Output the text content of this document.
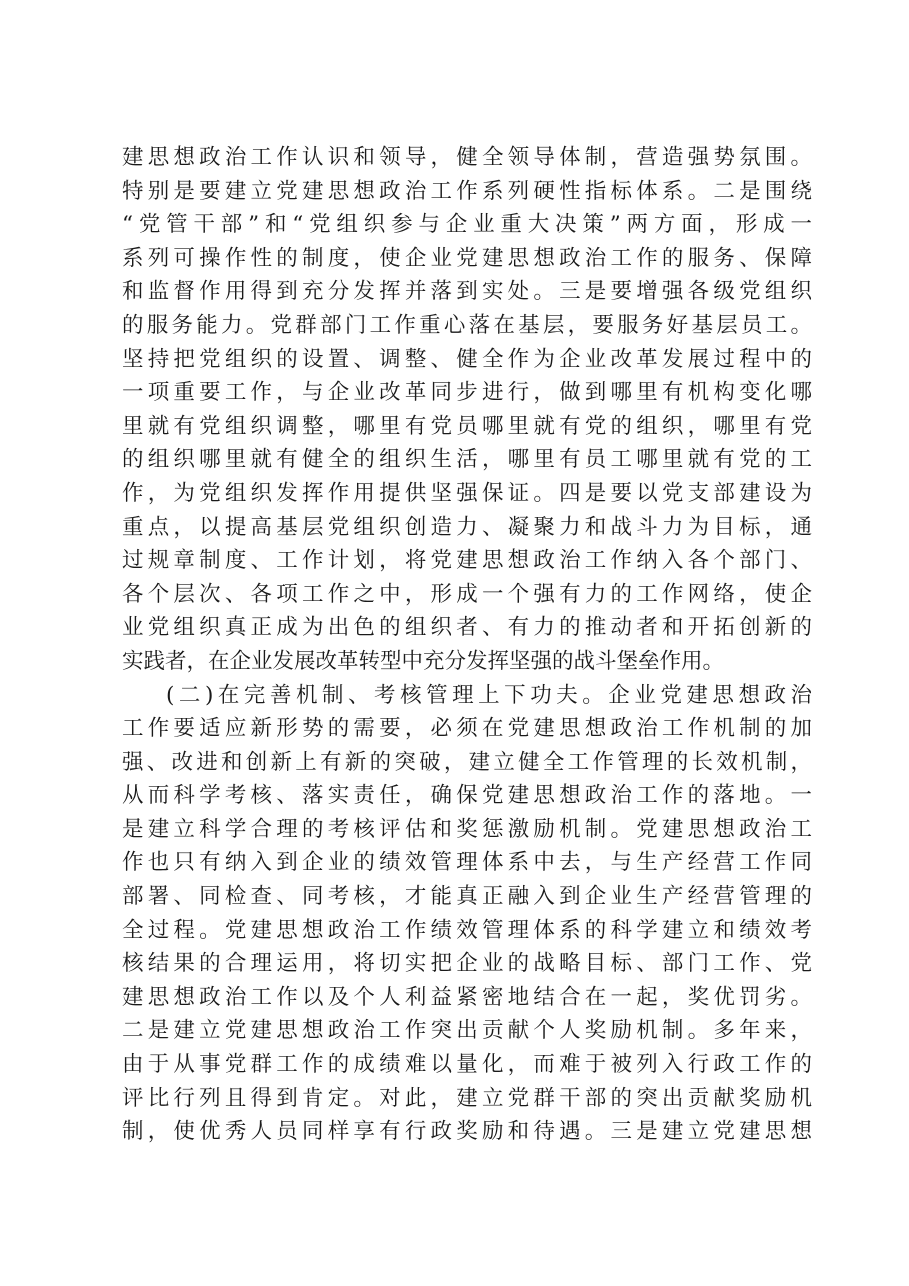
建思想政治工作认识和领导，健全领导体制，营造强势氛围。
特别是要建立党建思想政治工作系列硬性指标体系。二是围绕
“党管干部”和“党组织参与企业重大决策”两方面，形成一
系列可操作性的制度，使企业党建思想政治工作的服务、保障
和监督作用得到充分发挥并落到实处。三是要增强各级党组织
的服务能力。党群部门工作重心落在基层，要服务好基层员工。
坚持把党组织的设置、调整、健全作为企业改革发展过程中的
一项重要工作，与企业改革同步进行，做到哪里有机构变化哪
里就有党组织调整，哪里有党员哪里就有党的组织，哪里有党
的组织哪里就有健全的组织生活，哪里有员工哪里就有党的工
作，为党组织发挥作用提供坚强保证。四是要以党支部建设为
重点，以提高基层党组织创造力、凝聚力和战斗力为目标，通
过规章制度、工作计划，将党建思想政治工作纳入各个部门、
各个层次、各项工作之中，形成一个强有力的工作网络，使企
业党组织真正成为出色的组织者、有力的推动者和开拓创新的
实践者，在企业发展改革转型中充分发挥坚强的战斗堡垒作用。
(二)在完善机制、考核管理上下功夫。企业党建思想政治
工作要适应新形势的需要，必须在党建思想政治工作机制的加
强、改进和创新上有新的突破，建立健全工作管理的长效机制，
从而科学考核、落实责任，确保党建思想政治工作的落地。一
是建立科学合理的考核评估和奖惩激励机制。党建思想政治工
作也只有纳入到企业的绩效管理体系中去，与生产经营工作同
部署、同检查、同考核，才能真正融入到企业生产经营管理的
全过程。党建思想政治工作绩效管理体系的科学建立和绩效考
核结果的合理运用，将切实把企业的战略目标、部门工作、党
建思想政治工作以及个人利益紧密地结合在一起，奖优罚劣。
二是建立党建思想政治工作突出贡献个人奖励机制。多年来，
由于从事党群工作的成绩难以量化，而难于被列入行政工作的
评比行列且得到肯定。对此，建立党群干部的突出贡献奖励机
制，使优秀人员同样享有行政奖励和待遇。三是建立党建思想
